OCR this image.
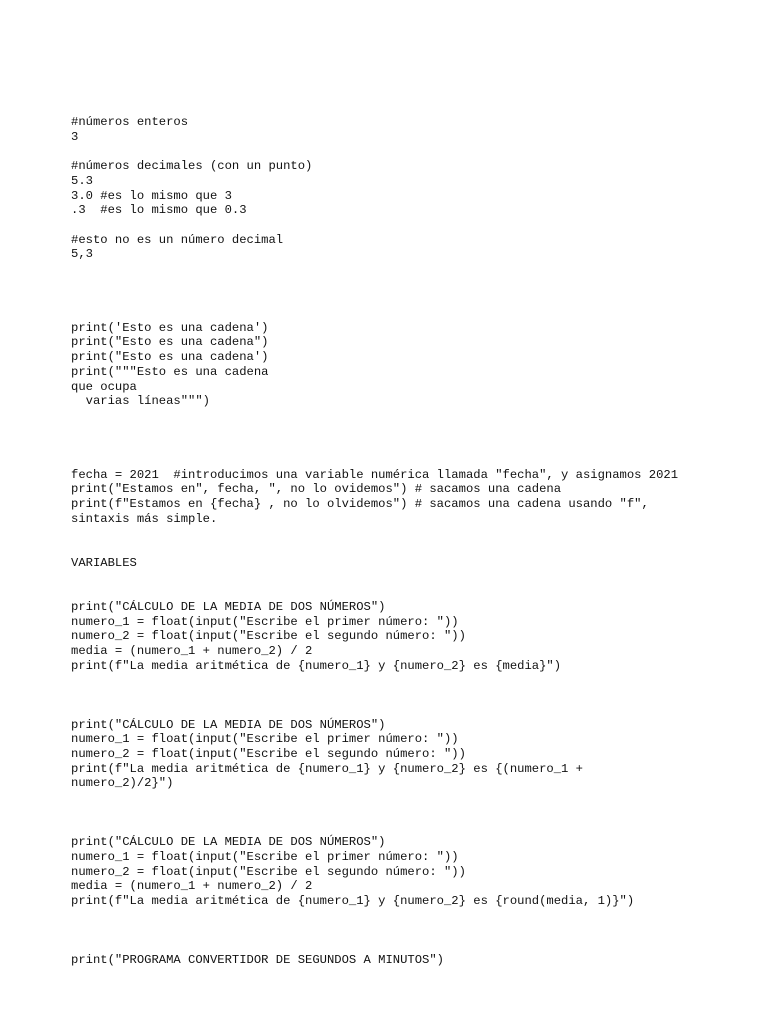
#números enteros
3
#números decimales (con un punto)
5.3
3.0 #es lo mismo que 3
.3  #es lo mismo que 0.3
#esto no es un número decimal
5,3
print('Esto es una cadena')
print("Esto es una cadena")
print("Esto es una cadena')
print("""Esto es una cadena
que ocupa
varias líneas""")
fecha = 2021  #introducimos una variable numérica llamada "fecha", y asignamos 2021
print("Estamos en", fecha, ", no lo ovidemos") # sacamos una cadena
print(f"Estamos en {fecha} , no lo olvidemos") # sacamos una cadena usando "f",
sintaxis más simple.
VARIABLES
print("CÁLCULO DE LA MEDIA DE DOS NÚMEROS")
numero_1 = float(input("Escribe el primer número: "))
numero_2 = float(input("Escribe el segundo número: "))
media = (numero_1 + numero_2) / 2
print(f"La media aritmética de {numero_1} y {numero_2} es {media}")
print("CÁLCULO DE LA MEDIA DE DOS NÚMEROS")
numero_1 = float(input("Escribe el primer número: "))
numero_2 = float(input("Escribe el segundo número: "))
print(f"La media aritmética de {numero_1} y {numero_2} es {(numero_1 +
numero_2)/2}")
print("CÁLCULO DE LA MEDIA DE DOS NÚMEROS")
numero_1 = float(input("Escribe el primer número: "))
numero_2 = float(input("Escribe el segundo número: "))
media = (numero_1 + numero_2) / 2
print(f"La media aritmética de {numero_1} y {numero_2} es {round(media, 1)}")
print("PROGRAMA CONVERTIDOR DE SEGUNDOS A MINUTOS")
